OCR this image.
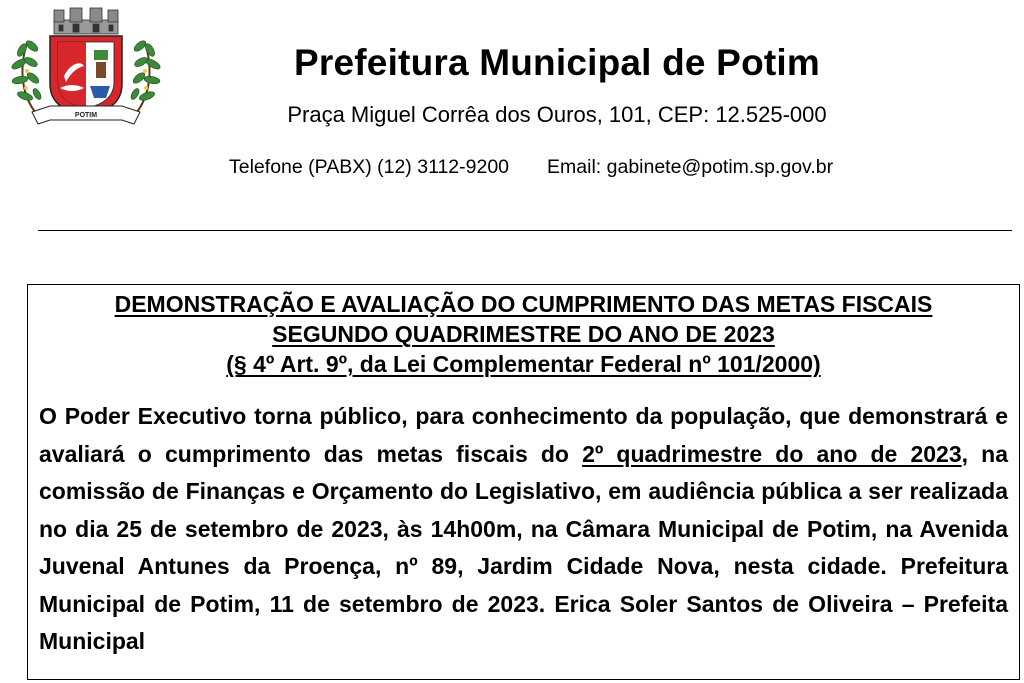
POTIM
Prefeitura Municipal de Potim
Praça Miguel Corrêa dos Ouros, 101, CEP: 12.525-000
Telefone (PABX) (12) 3112-9200 Email: gabinete@potim.sp.gov.br
DEMONSTRAÇÃO E AVALIAÇÃO DO CUMPRIMENTO DAS METAS FISCAIS
SEGUNDO QUADRIMESTRE DO ANO DE 2023
(§ 4º Art. 9º, da Lei Complementar Federal nº 101/2000)

O Poder Executivo torna público, para conhecimento da população, que demonstrará e avaliará o cumprimento das metas fiscais do 2º quadrimestre do ano de 2023, na comissão de Finanças e Orçamento do Legislativo, em audiência pública a ser realizada no dia 25 de setembro de 2023, às 14h00m, na Câmara Municipal de Potim, na Avenida Juvenal Antunes da Proença, nº 89, Jardim Cidade Nova, nesta cidade. Prefeitura Municipal de Potim, 11 de setembro de 2023. Erica Soler Santos de Oliveira – Prefeita Municipal
